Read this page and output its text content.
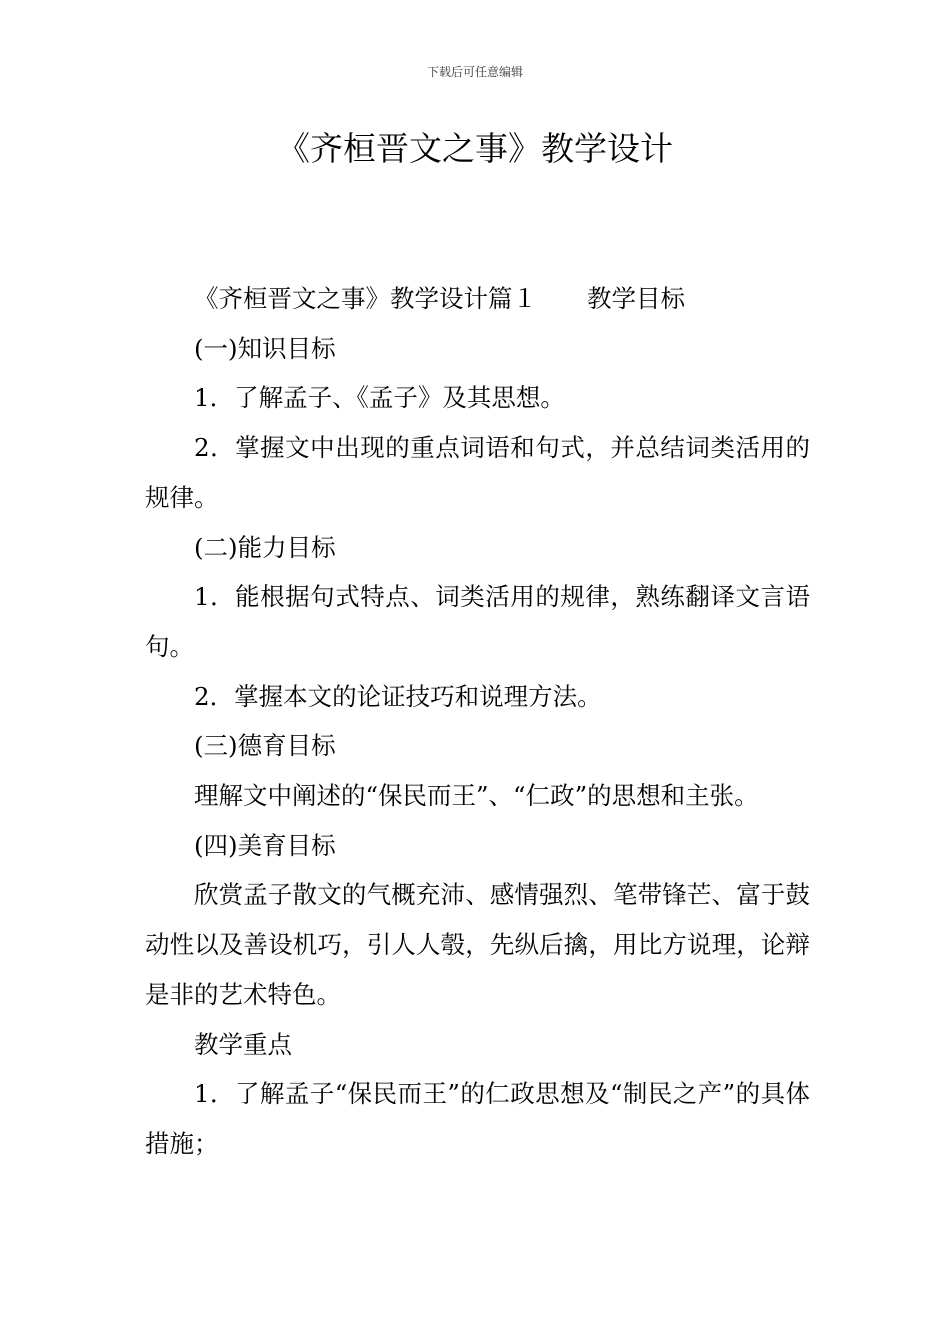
下载后可任意编辑
《齐桓晋文之事》教学设计

《齐桓晋文之事》教学设计篇１ 教学目标

(一)知识目标

1．了解孟子、《孟子》及其思想。

2．掌握文中出现的重点词语和句式，并总结词类活用的规律。

(二)能力目标

1．能根据句式特点、词类活用的规律，熟练翻译文言语句。

2．掌握本文的论证技巧和说理方法。

(三)德育目标

理解文中阐述的“保民而王”、“仁政”的思想和主张。

(四)美育目标

欣赏孟子散文的气概充沛、感情强烈、笔带锋芒、富于鼓动性以及善设机巧，引人人彀，先纵后擒，用比方说理，论辩是非的艺术特色。

教学重点

1．了解孟子“保民而王”的仁政思想及“制民之产”的具体措施；
